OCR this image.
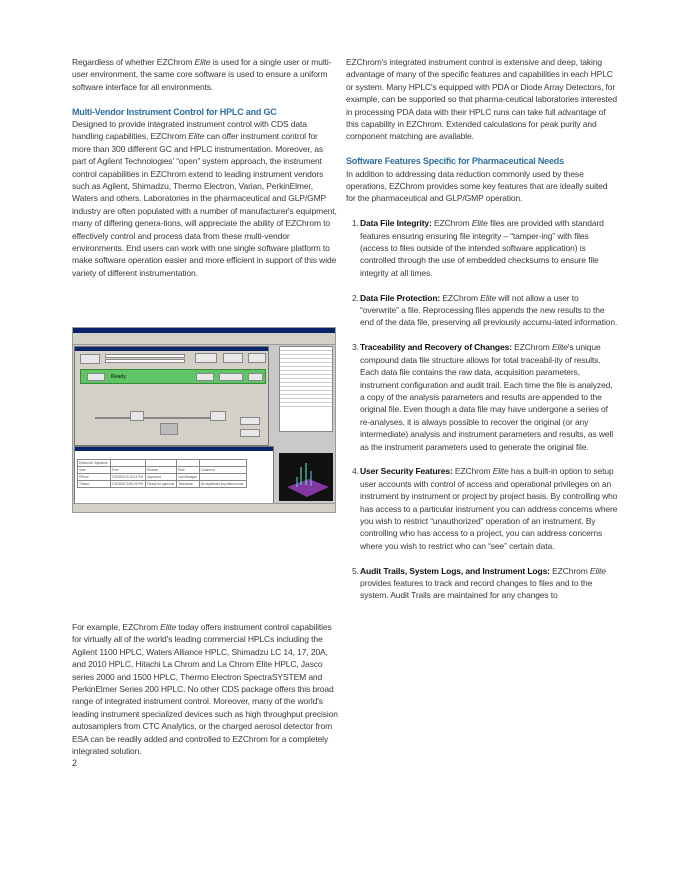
Regardless of whether EZChrom Elite is used for a single user or multi-user environment, the same core software is used to ensure a uniform software interface for all environments.

Multi-Vendor Instrument Control for HPLC and GC

Designed to provide integrated instrument control with CDS data handling capabilities, EZChrom Elite can offer instrument control for more than 300 different GC and HPLC instrumentation. Moreover, as part of Agilent Technologies' “open” system approach, the instrument control capabilities in EZChrom extend to leading instrument vendors such as Agilent, Shimadzu, Thermo Electron, Varian, PerkinElmer, Waters and others. Laboratories in the pharmaceutical and GLP/GMP industry are often populated with a number of manufacturer's equipment, many of differing genera-tions, will appreciate the ability of EZChrom to effectively control and process data from these multi-vendor environments. End users can work with one single software platform to make software operation easier and more efficient in support of this wide variety of different instrumentation.

Ready
Electronic Signature				
User	Time	Reason	Role	Comment
DPlore	7/30/2002 6:15:12 PM	Approved	Lab Manager	
TMasci	7/30/2002 5:59:29 PM	Ready for approval	Technician	No significant impurities found
For example, EZChrom Elite today offers instrument control capabilities for virtually all of the world's leading commercial HPLCs including the Agilent 1100 HPLC, Waters Alliance HPLC, Shimadzu LC 14, 17, 20A, and 2010 HPLC, Hitachi La Chrom and La Chrom Elite HPLC, Jasco series 2000 and 1500 HPLC, Thermo Electron SpectraSYSTEM and PerkinElmer Series 200 HPLC. No other CDS package offers this broad range of integrated instrument control. Moreover, many of the world's leading instrument specialized devices such as high throughput precision autosamplers from CTC Analytics, or the charged aerosol detector from ESA can be readily added and controlled to EZChrom for a completely integrated solution.

EZChrom's integrated instrument control is extensive and deep, taking advantage of many of the specific features and capabilities in each HPLC or system. Many HPLC's equipped with PDA or Diode Array Detectors, for example, can be supported so that pharma-ceutical laboratories interested in processing PDA data with their HPLC runs can take full advantage of this capability in EZChrom. Extended calculations for peak purity and component matching are available.

Software Features Specific for Pharmaceutical Needs

In addition to addressing data reduction commonly used by these operations, EZChrom provides some key features that are ideally suited for the pharmaceutical and GLP/GMP operation.

1. Data File Integrity: EZChrom Elite files are provided with standard features ensuring ensuring file integrity – “tamper-ing” with files (access to files outside of the intended software application) is controlled through the use of embedded checksums to ensure file integrity at all times.
2. Data File Protection: EZChrom Elite will not allow a user to “overwrite” a file. Reprocessing files appends the new results to the end of the data file, preserving all previously accumu-lated information.
3. Traceability and Recovery of Changes: EZChrom Elite's unique compound data file structure allows for total traceabil-ity of results. Each data file contains the raw data, acquisition parameters, instrument configuration and audit trail. Each time the file is analyzed, a copy of the analysis parameters and results are appended to the original file. Even though a data file may have undergone a series of re-analyses, it is always possible to recover the original (or any intermediate) analysis and instrument parameters and results, as well as the instrument parameters used to generate the original file.
4. User Security Features: EZChrom Elite has a built-in option to setup user accounts with control of access and operational privileges on an instrument by instrument or project by project basis. By controlling who has access to a particular instrument you can address concerns where you wish to restrict “unauthorized” operation of an instrument. By controlling who has access to a project, you can address concerns where you wish to restrict who can “see” certain data.
5. Audit Trails, System Logs, and Instrument Logs: EZChrom Elite provides features to track and record changes to files and to the system. Audit Trails are maintained for any changes to
2
